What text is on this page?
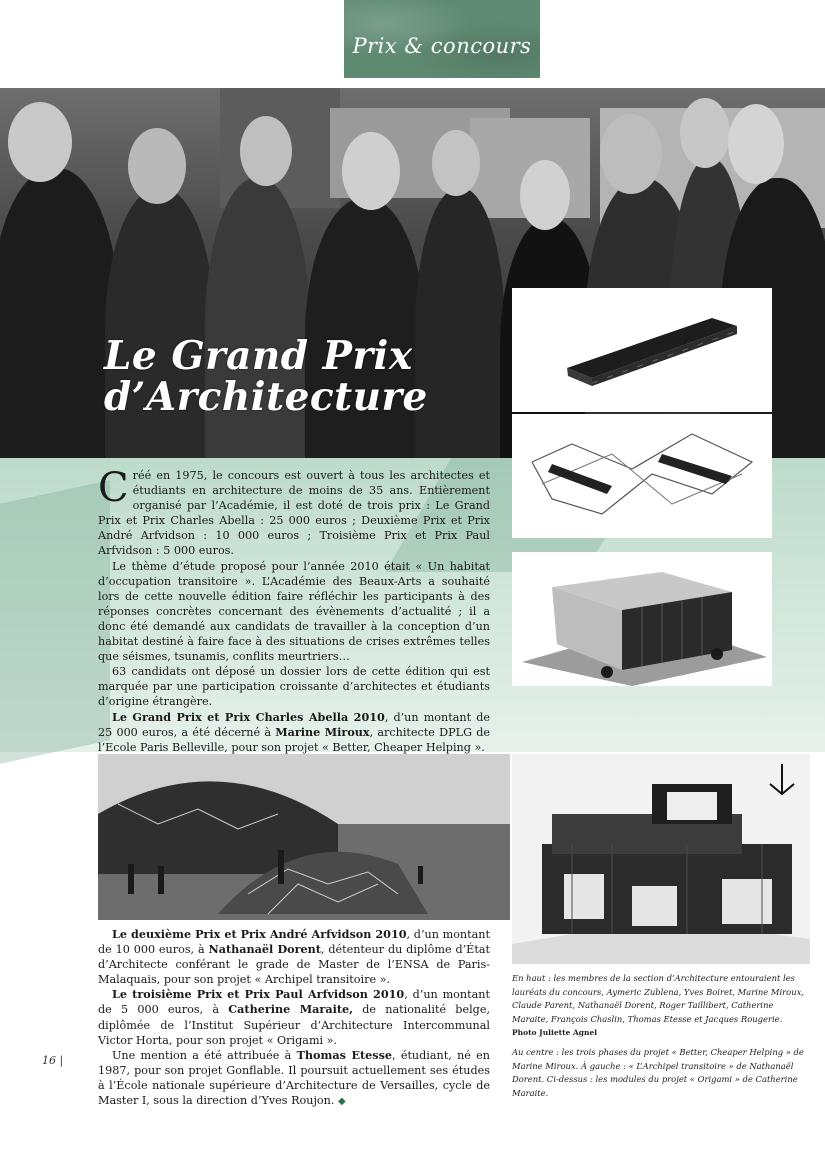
Prix & concours
Le Grand Prix
d’Architecture

Créé en 1975, le concours est ouvert à tous les architectes et étudiants en architecture de moins de 35 ans. Entièrement organisé par l’Académie, il est doté de trois prix : Le Grand Prix et Prix Charles Abella : 25 000 euros ; Deuxième Prix et Prix André Arfvidson : 10 000 euros ; Troisième Prix et Prix Paul Arfvidson : 5 000 euros.

Le thème d’étude proposé pour l’année 2010 était « Un habitat d’occupation transitoire ». L’Académie des Beaux-Arts a souhaité lors de cette nouvelle édition faire réfléchir les participants à des réponses concrètes concernant des évènements d’actualité ; il a donc été demandé aux candidats de travailler à la conception d’un habitat destiné à faire face à des situations de crises extrêmes telles que séismes, tsunamis, conflits meurtriers…

63 candidats ont déposé un dossier lors de cette édition qui est marquée par une participation croissante d’architectes et étudiants d’origine étrangère.

Le Grand Prix et Prix Charles Abella 2010, d’un montant de 25 000 euros, a été décerné à Marine Miroux, architecte DPLG de l’Ecole Paris Belleville, pour son projet « Better, Cheaper Helping ».

Le deuxième Prix et Prix André Arfvidson 2010, d’un montant de 10 000 euros, à Nathanaël Dorent, détenteur du diplôme d’État d’Architecte conférant le grade de Master de l’ENSA de Paris-Malaquais, pour son projet « Archipel transitoire ».

Le troisième Prix et Prix Paul Arfvidson 2010, d’un montant de 5 000 euros, à Catherine Maraite, de nationalité belge, diplômée de l’Institut Supérieur d’Architecture Intercommunal Victor Horta, pour son projet « Origami ».

Une mention a été attribuée à Thomas Etesse, étudiant, né en 1987, pour son projet Gonflable. Il poursuit actuellement ses études à l’École nationale supérieure d’Architecture de Versailles, cycle de Master I, sous la direction d’Yves Roujon. ◆

En haut : les membres de la section d’Architecture entouraient les lauréats du concours, Aymeric Zublena, Yves Boiret, Marine Miroux, Claude Parent, Nathanaël Dorent, Roger Taillibert, Catherine Maraite, François Chaslin, Thomas Etesse et Jacques Rougerie. Photo Juliette Agnel

Au centre : les trois phases du projet « Better, Cheaper Helping » de Marine Miroux. À gauche : « L’Archipel transitoire » de Nathanaël Dorent. Ci-dessus : les modules du projet « Origami » de Catherine Maraite.

16 |
